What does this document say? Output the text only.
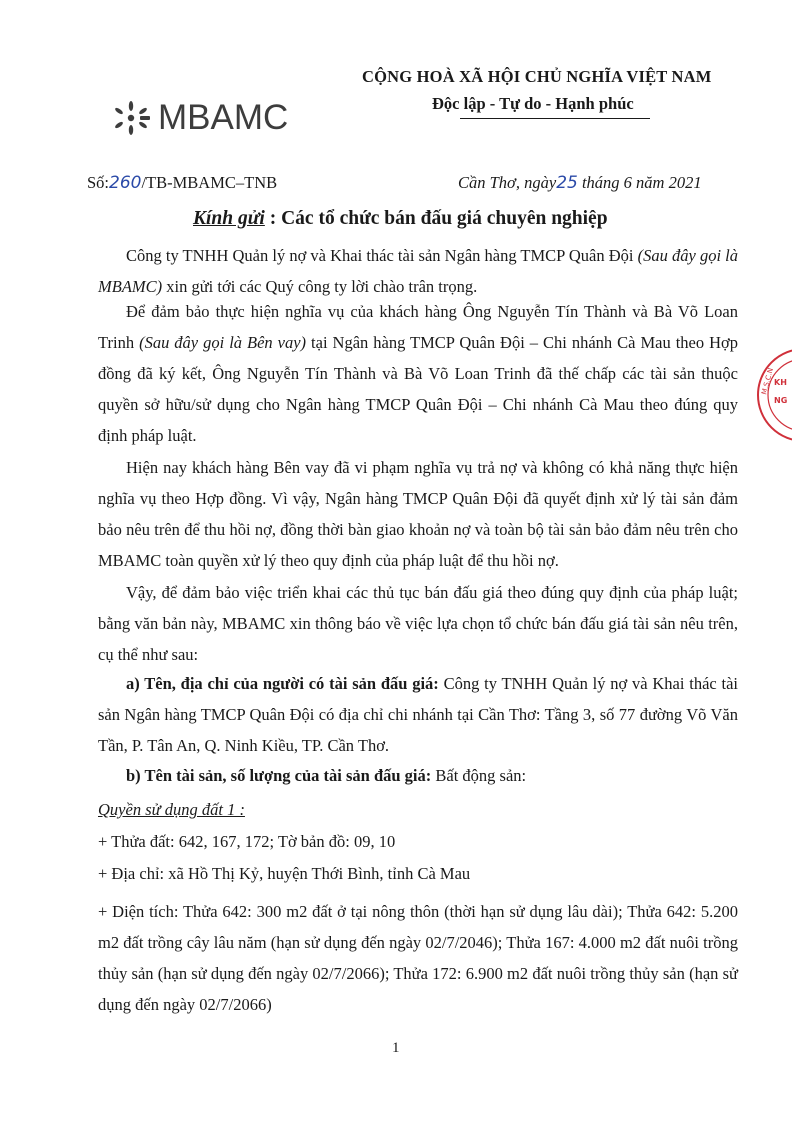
MBAMC
CỘNG HOÀ XÃ HỘI CHỦ NGHĨA VIỆT NAM
Độc lập - Tự do - Hạnh phúc
Số:260/TB-MBAMC–TNB	Cần Thơ, ngày25 tháng 6 năm 2021
Kính gửi : Các tổ chức bán đấu giá chuyên nghiệp

Công ty TNHH Quản lý nợ và Khai thác tài sản Ngân hàng TMCP Quân Đội (Sau đây gọi là MBAMC) xin gửi tới các Quý công ty lời chào trân trọng.

Để đảm bảo thực hiện nghĩa vụ của khách hàng Ông Nguyễn Tín Thành và Bà Võ Loan Trinh (Sau đây gọi là Bên vay) tại Ngân hàng TMCP Quân Đội – Chi nhánh Cà Mau theo Hợp đồng đã ký kết, Ông Nguyễn Tín Thành và Bà Võ Loan Trinh đã thế chấp các tài sản thuộc quyền sở hữu/sử dụng cho Ngân hàng TMCP Quân Đội – Chi nhánh Cà Mau theo đúng quy định pháp luật.

Hiện nay khách hàng Bên vay đã vi phạm nghĩa vụ trả nợ và không có khả năng thực hiện nghĩa vụ theo Hợp đồng. Vì vậy, Ngân hàng TMCP Quân Đội đã quyết định xử lý tài sản đảm bảo nêu trên để thu hồi nợ, đồng thời bàn giao khoản nợ và toàn bộ tài sản bảo đảm nêu trên cho MBAMC toàn quyền xử lý theo quy định của pháp luật để thu hồi nợ.

Vậy, để đảm bảo việc triển khai các thủ tục bán đấu giá theo đúng quy định của pháp luật; bằng văn bản này, MBAMC xin thông báo về việc lựa chọn tổ chức bán đấu giá tài sản nêu trên, cụ thể như sau:

a) Tên, địa chỉ của người có tài sản đấu giá: Công ty TNHH Quản lý nợ và Khai thác tài sản Ngân hàng TMCP Quân Đội có địa chỉ chi nhánh tại Cần Thơ: Tầng 3, số 77 đường Võ Văn Tần, P. Tân An, Q. Ninh Kiều, TP. Cần Thơ.

b) Tên tài sản, số lượng của tài sản đấu giá: Bất động sản:

Quyền sử dụng đất 1 :

+ Thửa đất: 642, 167, 172; Tờ bản đồ: 09, 10

+ Địa chỉ: xã Hồ Thị Kỷ, huyện Thới Bình, tỉnh Cà Mau

+ Diện tích: Thửa 642: 300 m2 đất ở tại nông thôn (thời hạn sử dụng lâu dài); Thửa 642: 5.200 m2 đất trồng cây lâu năm (hạn sử dụng đến ngày 02/7/2046); Thửa 167: 4.000 m2 đất nuôi trồng thủy sản (hạn sử dụng đến ngày 02/7/2066); Thửa 172: 6.900 m2 đất nuôi trồng thủy sản (hạn sử dụng đến ngày 02/7/2066)

1
M.S.C.N KH
NG
